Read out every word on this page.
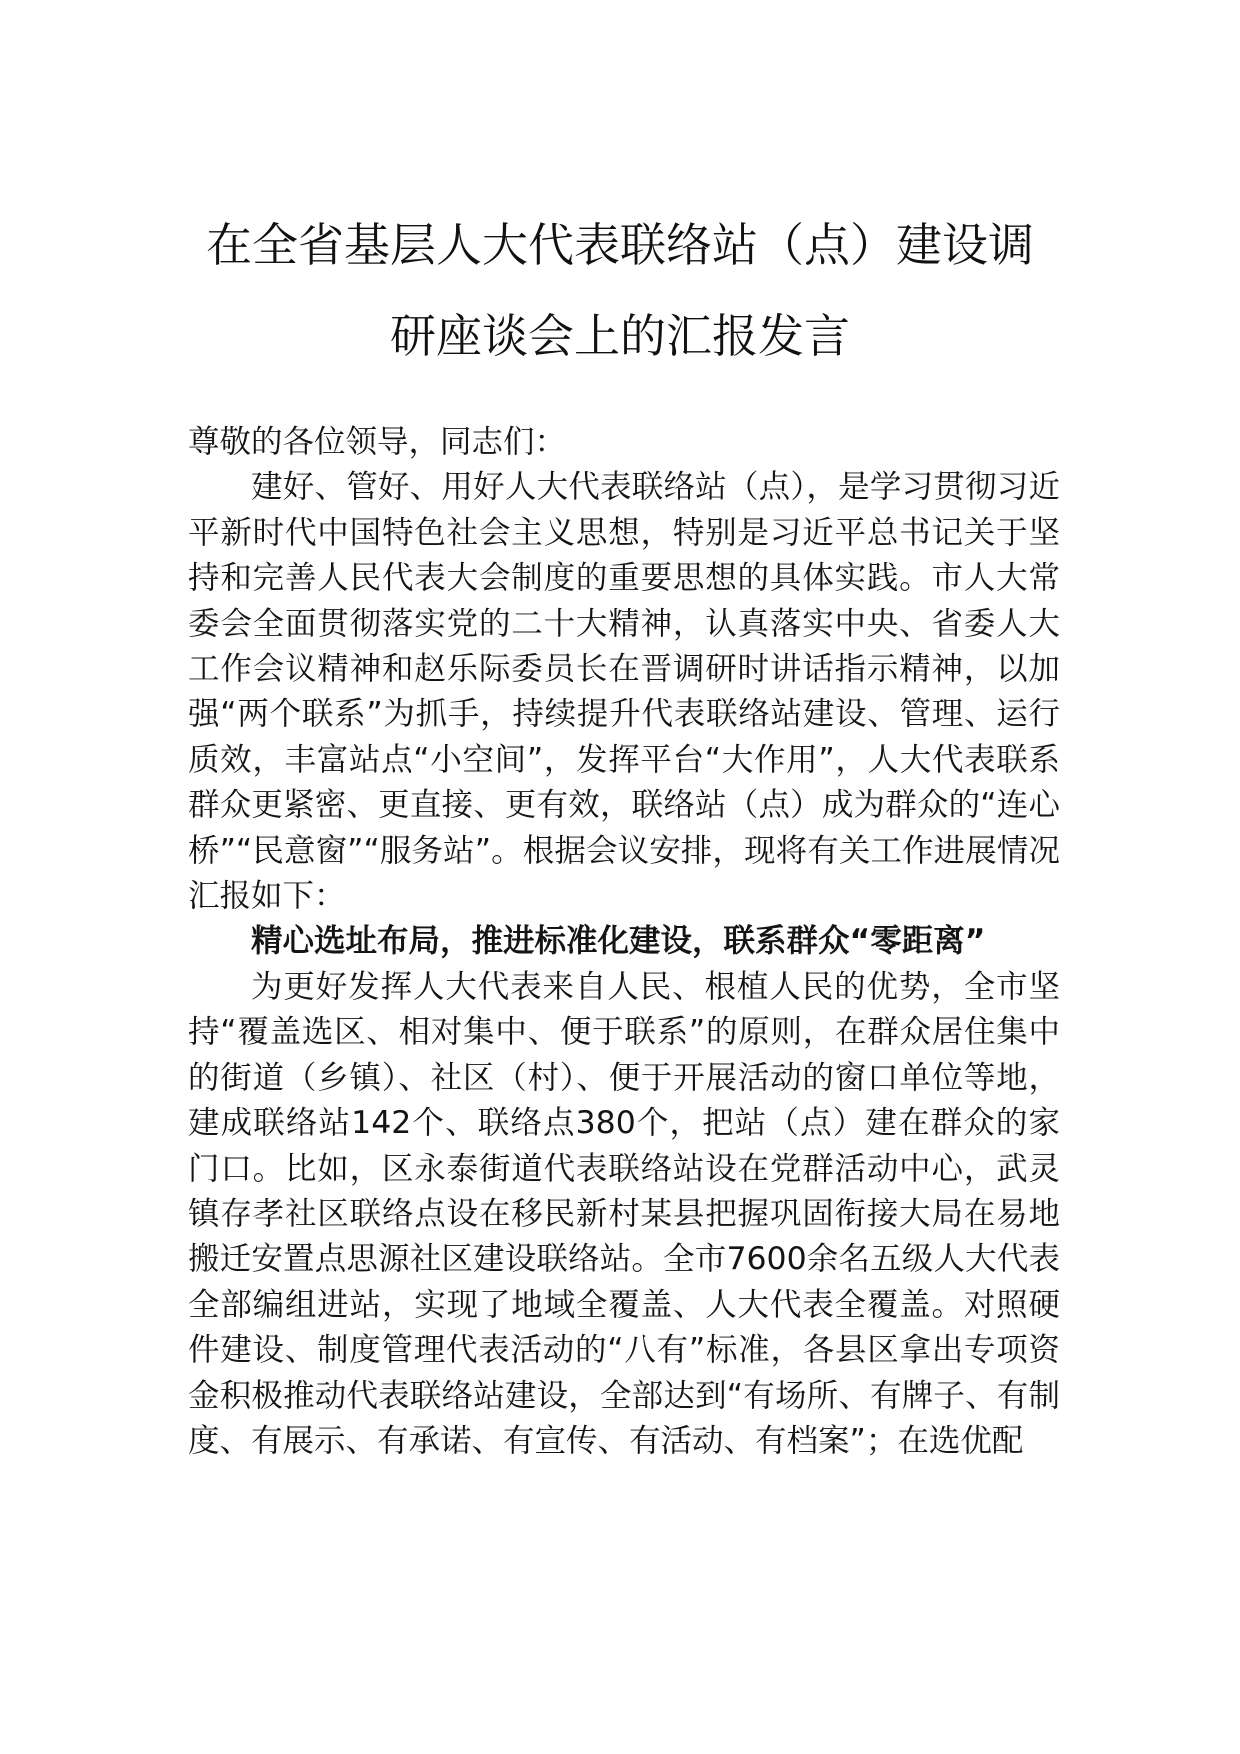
在全省基层人大代表联络站（点）建设调
研座谈会上的汇报发言

尊敬的各位领导，同志们：

建好、管好、用好人大代表联络站（点），是学习贯彻习近平新时代中国特色社会主义思想，特别是习近平总书记关于坚持和完善人民代表大会制度的重要思想的具体实践。市人大常委会全面贯彻落实党的二十大精神，认真落实中央、省委人大工作会议精神和赵乐际委员长在晋调研时讲话指示精神，以加强“两个联系”为抓手，持续提升代表联络站建设、管理、运行质效，丰富站点“小空间”，发挥平台“大作用”，人大代表联系群众更紧密、更直接、更有效，联络站（点）成为群众的“连心桥”“民意窗”“服务站”。根据会议安排，现将有关工作进展情况汇报如下：

精心选址布局，推进标准化建设，联系群众“零距离”

为更好发挥人大代表来自人民、根植人民的优势，全市坚持“覆盖选区、相对集中、便于联系”的原则，在群众居住集中的街道（乡镇）、社区（村）、便于开展活动的窗口单位等地，建成联络站142个、联络点380个，把站（点）建在群众的家门口。比如，区永泰街道代表联络站设在党群活动中心，武灵镇存孝社区联络点设在移民新村某县把握巩固衔接大局在易地搬迁安置点思源社区建设联络站。全市7600余名五级人大代表全部编组进站，实现了地域全覆盖、人大代表全覆盖。对照硬件建设、制度管理代表活动的“八有”标准，各县区拿出专项资金积极推动代表联络站建设，全部达到“有场所、有牌子、有制度、有展示、有承诺、有宣传、有活动、有档案”；在选优配
